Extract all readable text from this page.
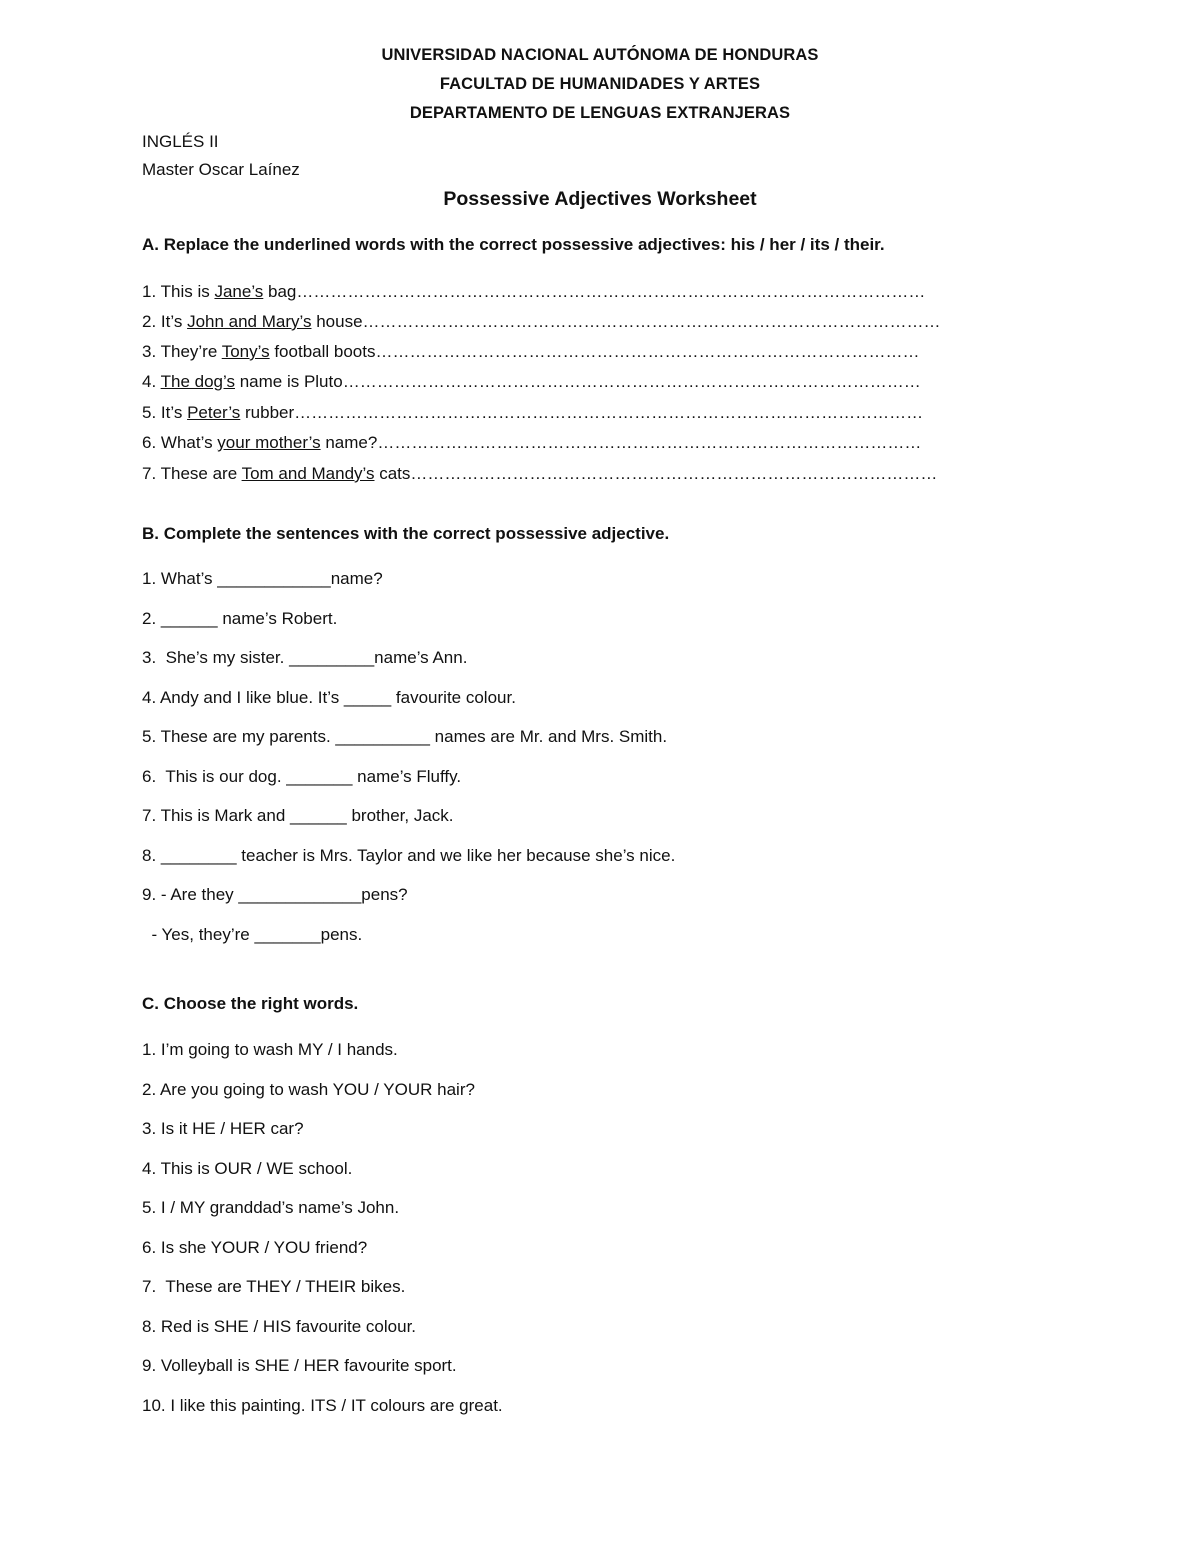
UNIVERSIDAD NACIONAL AUTÓNOMA DE HONDURAS
FACULTAD DE HUMANIDADES Y ARTES
DEPARTAMENTO DE LENGUAS EXTRANJERAS
INGLÉS II
Master Oscar Laínez
Possessive Adjectives Worksheet
A. Replace the underlined words with the correct possessive adjectives: his / her / its / their.
1. This is Jane’s bag…………………………………………………………………………………………………
2. It’s John and Mary’s house…………………………………………………………………………………………
3. They’re Tony’s football boots……………………………………………………………………………………
4. The dog’s name is Pluto…………………………………………………………………………………………
5. It’s Peter’s rubber…………………………………………………………………………………………………
6. What’s your mother’s name?……………………………………………………………………………………
7. These are Tom and Mandy’s cats…………………………………………………………………………………
B. Complete the sentences with the correct possessive adjective.
1. What’s ____________name?
2. ______ name’s Robert.
3.  She’s my sister. _________name’s Ann.
4. Andy and I like blue. It’s _____ favourite colour.
5. These are my parents. __________ names are Mr. and Mrs. Smith.
6.  This is our dog. _______ name’s Fluffy.
7. This is Mark and ______ brother, Jack.
8. ________ teacher is Mrs. Taylor and we like her because she’s nice.
9. - Are they _____________pens?
- Yes, they’re _______pens.
C. Choose the right words.
1. I’m going to wash MY / I hands.
2. Are you going to wash YOU / YOUR hair?
3. Is it HE / HER car?
4. This is OUR / WE school.
5. I / MY granddad’s name’s John.
6. Is she YOUR / YOU friend?
7.  These are THEY / THEIR bikes.
8. Red is SHE / HIS favourite colour.
9. Volleyball is SHE / HER favourite sport.
10. I like this painting. ITS / IT colours are great.
